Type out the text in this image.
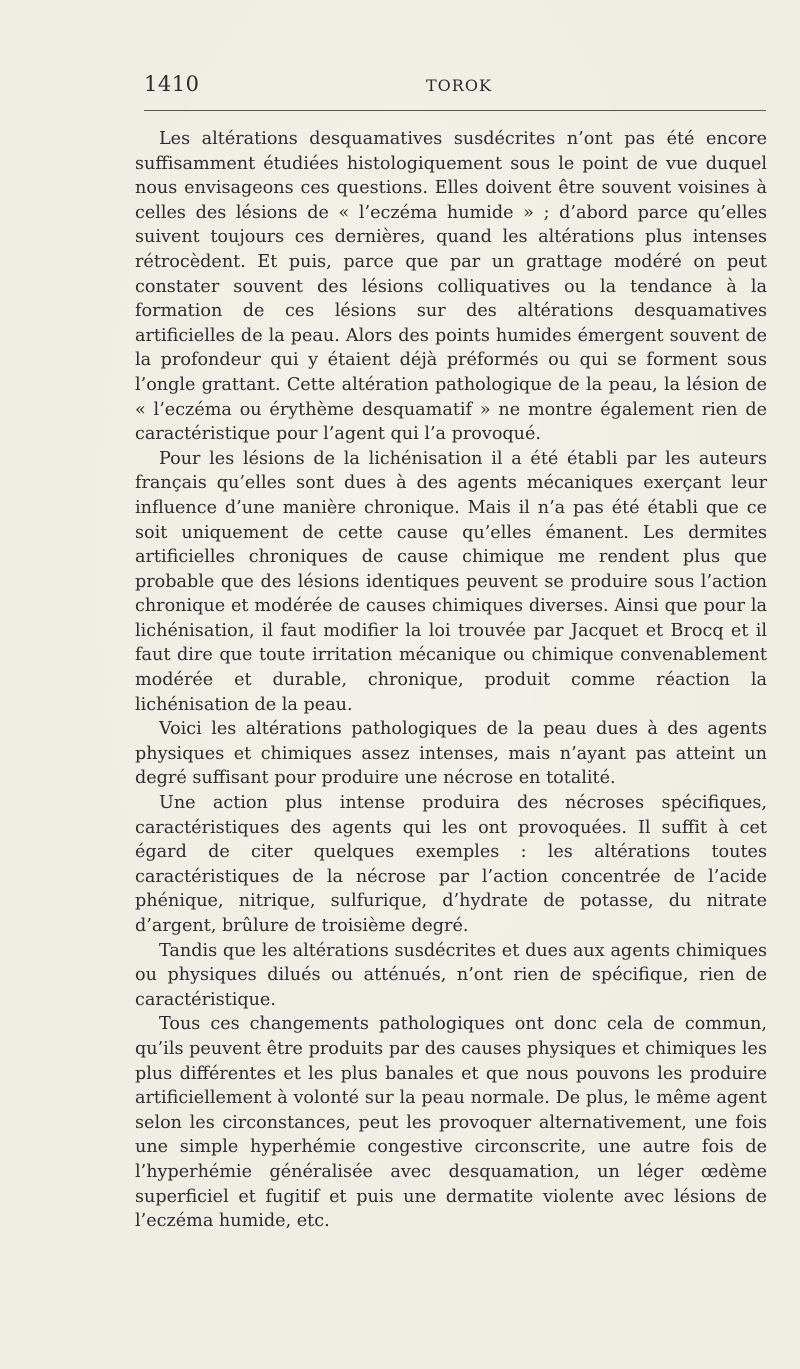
1410	TOROK

Les altérations desquamatives susdécrites n’ont pas été encore suffisamment étudiées histologiquement sous le point de vue duquel nous envisageons ces questions. Elles doivent être souvent voisines à celles des lésions de « l’eczéma humide » ; d’abord parce qu’elles suivent toujours ces dernières, quand les altérations plus intenses rétrocèdent. Et puis, parce que par un grattage modéré on peut constater souvent des lésions colliquatives ou la tendance à la formation de ces lésions sur des altérations desquamatives artificielles de la peau. Alors des points humides émergent souvent de la profondeur qui y étaient déjà préformés ou qui se forment sous l’ongle grattant. Cette altération pathologique de la peau, la lésion de « l’eczéma ou érythème desquamatif » ne montre également rien de caractéristique pour l’agent qui l’a provoqué.

Pour les lésions de la lichénisation il a été établi par les auteurs français qu’elles sont dues à des agents mécaniques exerçant leur influence d’une manière chronique. Mais il n’a pas été établi que ce soit uniquement de cette cause qu’elles émanent. Les dermites artificielles chroniques de cause chimique me rendent plus que probable que des lésions identiques peuvent se produire sous l’action chronique et modérée de causes chimiques diverses. Ainsi que pour la lichénisation, il faut modifier la loi trouvée par Jacquet et Brocq et il faut dire que toute irritation mécanique ou chimique convenablement modérée et durable, chronique, produit comme réaction la lichénisation de la peau.

Voici les altérations pathologiques de la peau dues à des agents physiques et chimiques assez intenses, mais n’ayant pas atteint un degré suffisant pour produire une nécrose en totalité.

Une action plus intense produira des nécroses spécifiques, caractéristiques des agents qui les ont provoquées. Il suffit à cet égard de citer quelques exemples : les altérations toutes caractéristiques de la nécrose par l’action concentrée de l’acide phénique, nitrique, sulfurique, d’hydrate de potasse, du nitrate d’argent, brûlure de troisième degré.

Tandis que les altérations susdécrites et dues aux agents chimiques ou physiques dilués ou atténués, n’ont rien de spécifique, rien de caractéristique.

Tous ces changements pathologiques ont donc cela de commun, qu’ils peuvent être produits par des causes physiques et chimiques les plus différentes et les plus banales et que nous pouvons les produire artificiellement à volonté sur la peau normale. De plus, le même agent selon les circonstances, peut les provoquer alternativement, une fois une simple hyperhémie congestive circonscrite, une autre fois de l’hyperhémie généralisée avec desquamation, un léger œdème superficiel et fugitif et puis une dermatite violente avec lésions de l’eczéma humide, etc.
